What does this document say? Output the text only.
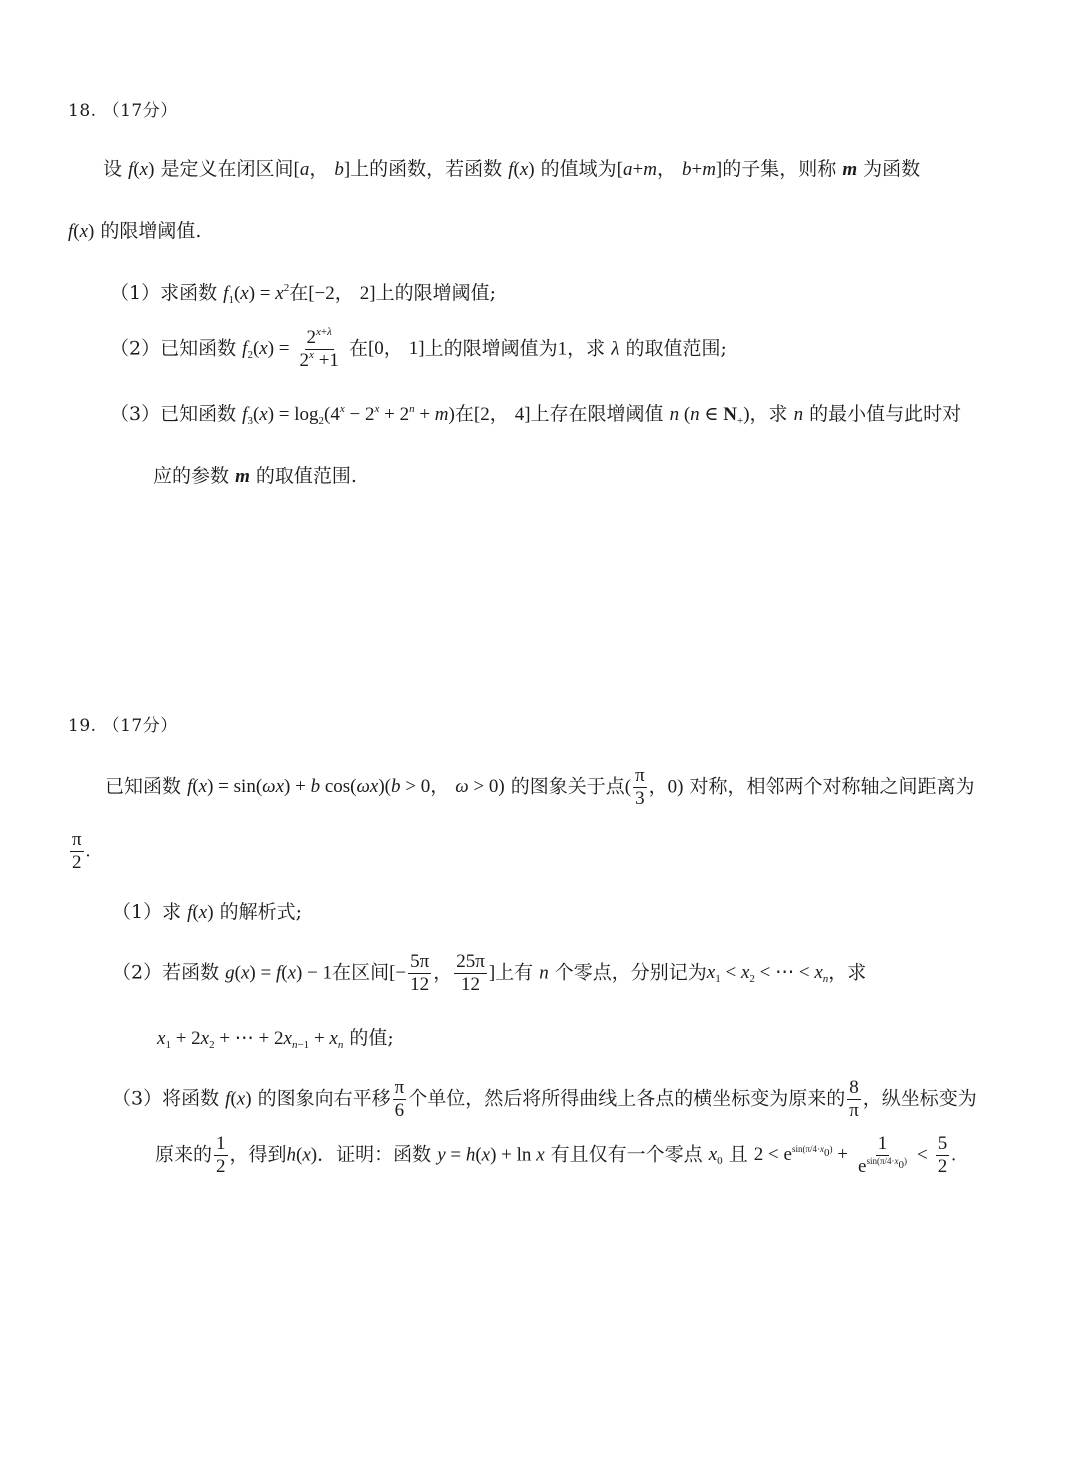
18. （17分）
设 f(x) 是定义在闭区间[a， b]上的函数，若函数 f(x) 的值域为[a+m， b+m]的子集，则称 m 为函数
f(x) 的限增阈值.
（1）求函数 $f_1(x) = x^2$在[−2， 2]上的限增阈值;
（2）已知函数 $f_2(x) = \frac{2^{x+\lambda}}{2^x +1}$ 在[0， 1]上的限增阈值为1，求 λ 的取值范围;
（3）已知函数 $f_3(x) = \log_2(4^x - 2^x + 2^n + m)$在[2， 4]上存在限增阈值 n (n ∈ $N_+$)，求 n 的最小值与此时对
应的参数 m 的取值范围.
19. （17分）
已知函数 f(x) = sin(ωx) + b cos(ωx)(b > 0， ω > 0) 的图象关于点( $\frac{\pi}{3}$ ，0) 对称，相邻两个对称轴之间距离为
$\frac{\pi}{2}$ .
（1）求 f(x) 的解析式;
（2）若函数 g(x) = f(x) − 1在区间[− $\frac{5\pi}{12}$ ， $\frac{25\pi}{12}$ ]上有 n 个零点，分别记为$x_1 < x_2$ < ⋯ < $x_n$，求
$x_1 + 2x_2$ + ⋯ + $2x_{n-1} + x_n$ 的值;
（3）将函数 f(x) 的图象向右平移 $\frac{\pi}{6}$ 个单位，然后将所得曲线上各点的横坐标变为原来的 $\frac{8}{\pi}$ ，纵坐标变为
原来的 $\frac{1}{2}$ ，得到h(x)．证明：函数 y = h(x) + ln x 有且仅有一个零点 $x_0$ 且 $2 < e^{sin(\pi/4\cdot x_0)} + \frac{1}{e^{sin(\pi/4\cdot x_0)}} < \frac{5}{2}$ .
